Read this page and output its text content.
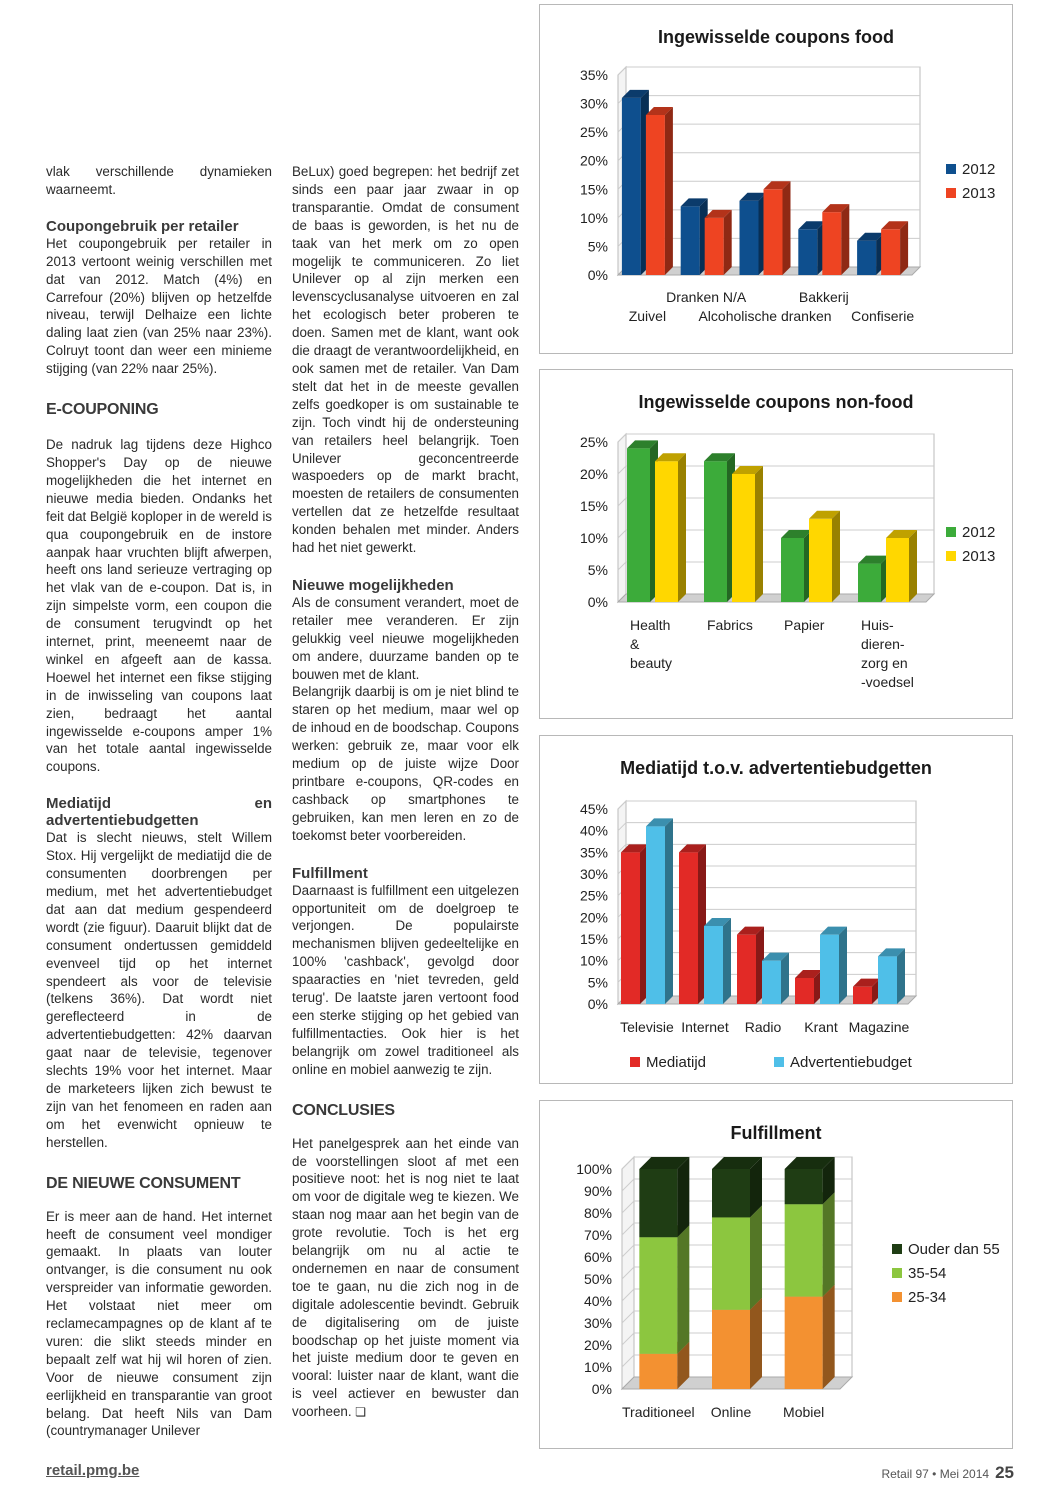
vlak verschillende dynamieken waarneemt.

Coupongebruik per retailer

Het coupongebruik per retailer in 2013 vertoont weinig verschillen met dat van 2012. Match (4%) en Carrefour (20%) blijven op hetzelfde niveau, terwijl Delhaize een lichte daling laat zien (van 25% naar 23%). Colruyt toont dan weer een minieme stijging (van 22% naar 25%).

E-COUPONING

De nadruk lag tijdens deze Highco Shopper's Day op de nieuwe mogelijkheden die het internet en nieuwe media bieden. Ondanks het feit dat België koploper in de wereld is qua coupongebruik en de instore aanpak haar vruchten blijft afwerpen, heeft ons land serieuze vertraging op het vlak van de e-coupon. Dat is, in zijn simpelste vorm, een coupon die de consument terugvindt op het internet, print, meeneemt naar de winkel en afgeeft aan de kassa. Hoewel het internet een fikse stijging in de inwisseling van coupons laat zien, bedraagt het aantal ingewisselde e-coupons amper 1% van het totale aantal ingewisselde coupons.

Mediatijd en advertentiebudgetten

Dat is slecht nieuws, stelt Willem Stox. Hij vergelijkt de mediatijd die de consumenten doorbrengen per medium, met het advertentiebudget dat aan dat medium gespendeerd wordt (zie figuur). Daaruit blijkt dat de consument ondertussen gemiddeld evenveel tijd op het internet spendeert als voor de televisie (telkens 36%). Dat wordt niet gereflecteerd in de advertentiebudgetten: 42% daarvan gaat naar de televisie, tegenover slechts 19% voor het internet. Maar de marketeers lijken zich bewust te zijn van het fenomeen en raden aan om het evenwicht opnieuw te herstellen.

DE NIEUWE CONSUMENT

Er is meer aan de hand. Het internet heeft de consument veel mondiger gemaakt. In plaats van louter ontvanger, is die consument nu ook verspreider van informatie geworden. Het volstaat niet meer om reclamecampagnes op de klant af te vuren: die slikt steeds minder en bepaalt zelf wat hij wil horen of zien. Voor de nieuwe consument zijn eerlijkheid en transparantie van groot belang. Dat heeft Nils van Dam (countrymanager Unilever

BeLux) goed begrepen: het bedrijf zet sinds een paar jaar zwaar in op transparantie. Omdat de consument de baas is geworden, is het nu de taak van het merk om zo open mogelijk te communiceren. Zo liet Unilever op al zijn merken een levenscyclusanalyse uitvoeren en zal het ecologisch beter proberen te doen. Samen met de klant, want ook die draagt de verantwoordelijkheid, en ook samen met de retailer. Van Dam stelt dat het in de meeste gevallen zelfs goedkoper is om sustainable te zijn. Toch vindt hij de ondersteuning van retailers heel belangrijk. Toen Unilever geconcentreerde waspoeders op de markt bracht, moesten de retailers de consumenten vertellen dat ze hetzelfde resultaat konden behalen met minder. Anders had het niet gewerkt.

Nieuwe mogelijkheden

Als de consument verandert, moet de retailer mee veranderen. Er zijn gelukkig veel nieuwe mogelijkheden om andere, duurzame banden op te bouwen met de klant.

Belangrijk daarbij is om je niet blind te staren op het medium, maar wel op de inhoud en de boodschap. Coupons werken: gebruik ze, maar voor elk medium op de juiste wijze Door printbare e-coupons, QR-codes en cashback op smartphones te gebruiken, kan men leren en zo de toekomst beter voorbereiden.

Fulfillment

Daarnaast is fulfillment een uitgelezen opportuniteit om de doelgroep te verjongen. De populairste mechanismen blijven gedeeltelijke en 100% 'cashback', gevolgd door spaaracties en 'niet tevreden, geld terug'. De laatste jaren vertoont food een sterke stijging op het gebied van fulfillmentacties. Ook hier is het belangrijk om zowel traditioneel als online en mobiel aanwezig te zijn.

CONCLUSIES

Het panelgesprek aan het einde van de voorstellingen sloot af met een positieve noot: het is nog niet te laat om voor de digitale weg te kiezen. We staan nog maar aan het begin van de grote revolutie. Toch is het erg belangrijk om nu al actie te ondernemen en naar de consument toe te gaan, nu die zich nog in de digitale adolescentie bevindt. Gebruik de digitalisering om de juiste boodschap op het juiste moment via het juiste medium door te geven en vooral: luister naar de klant, want die is veel actiever en bewuster dan voorheen. ❏

Ingewisselde coupons food
0%
5%
10%
15%
20%
25%
30%
35%
Zuivel
Dranken N/A
Alcoholische dranken
Bakkerij
Confiserie
2012
2013
Ingewisselde coupons non-food
0%
5%
10%
15%
20%
25%
Health
&
beauty
Fabrics Papier	Huis-
dieren-
zorg en
-voedsel
2012
2013
Mediatijd t.o.v. advertentiebudgetten
0%
5%
10%
15%
20%
25%
30%
35%
40%
45%
Televisie Internet Radio Krant Magazine
Mediatijd	Advertentiebudget
Fulfillment
0%
10%
20%
30%
40%
50%
60%
70%
80%
90%
100%
Traditioneel Online Mobiel
Ouder dan 55
35-54
25-34
retail.pmg.be	Retail 97 • Mei 2014 25
